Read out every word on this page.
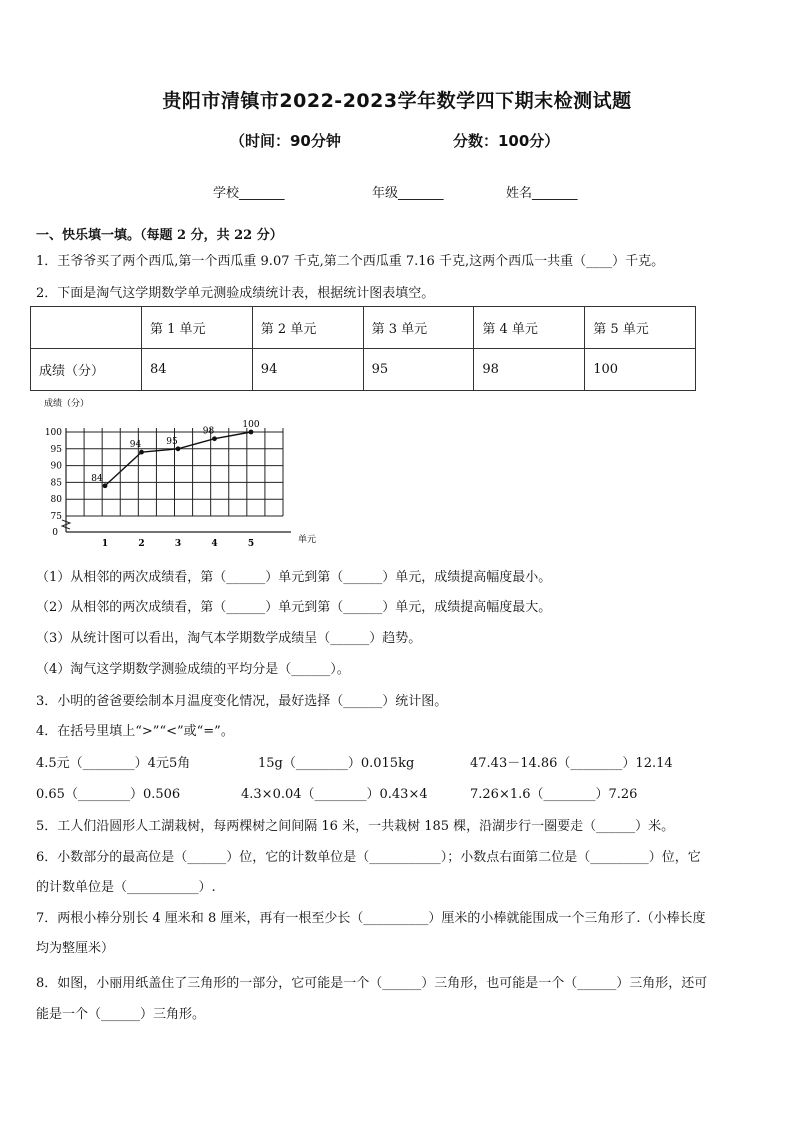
贵阳市清镇市2022-2023学年数学四下期末检测试题
（时间：90分钟	分数：100分）
学校_______	年级_______	姓名_______
一、快乐填一填。（每题 2 分，共 22 分）
1．王爷爷买了两个西瓜,第一个西瓜重 9.07 千克,第二个西瓜重 7.16 千克,这两个西瓜一共重（____）千克。
2．下面是淘气这学期数学单元测验成绩统计表，根据统计图表填空。
	第 1 单元	第 2 单元	第 3 单元	第 4 单元	第 5 单元
成绩（分）	84	94	95	98	100
100
95
90
85
80
75
0
成绩（分）
1	2	3	4	5	单元
84
94	95
98
100
（1）从相邻的两次成绩看，第（______）单元到第（______）单元，成绩提高幅度最小。
（2）从相邻的两次成绩看，第（______）单元到第（______）单元，成绩提高幅度最大。
（3）从统计图可以看出，淘气本学期数学成绩呈（______）趋势。
（4）淘气这学期数学测验成绩的平均分是（______）。
3．小明的爸爸要绘制本月温度变化情况，最好选择（______）统计图。
4．在括号里填上“>”“<”或“=”。
4.5元（________）4元5角	15g（________）0.015kg	47.43－14.86（________）12.14
0.65（________）0.506	4.3×0.04（________）0.43×4	7.26×1.6（________）7.26
5．工人们沿圆形人工湖栽树，每两棵树之间间隔 16 米，一共栽树 185 棵，沿湖步行一圈要走（______）米。
6．小数部分的最高位是（______）位，它的计数单位是（___________）；小数点右面第二位是（_________）位，它
的计数单位是（___________）.
7．两根小棒分别长 4 厘米和 8 厘米，再有一根至少长（__________）厘米的小棒就能围成一个三角形了.（小棒长度
均为整厘米）
8．如图，小丽用纸盖住了三角形的一部分，它可能是一个（______）三角形，也可能是一个（______）三角形，还可
能是一个（______）三角形。
